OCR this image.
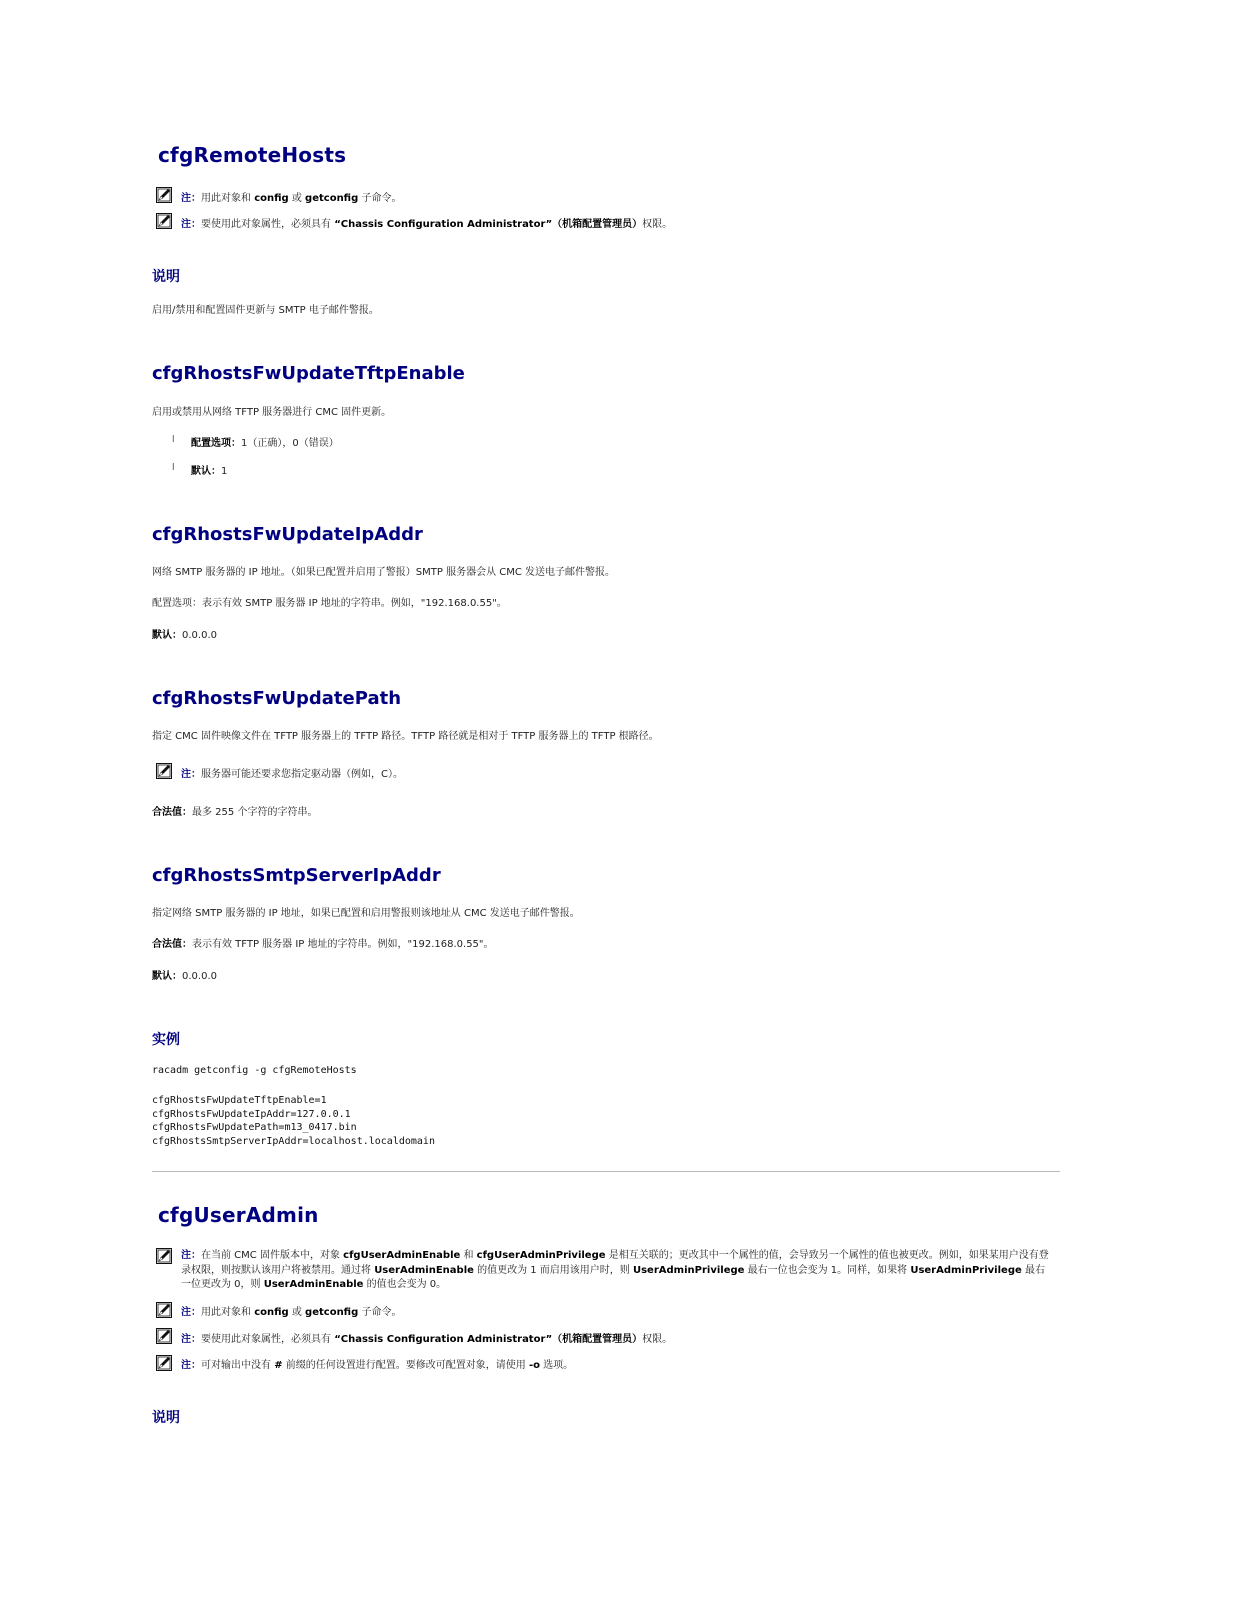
cfgRemoteHosts
注：用此对象和 config 或 getconfig 子命令。
注：要使用此对象属性，必须具有 “Chassis Configuration Administrator”（机箱配置管理员）权限。
说明
启用/禁用和配置固件更新与 SMTP 电子邮件警报。
cfgRhostsFwUpdateTftpEnable
启用或禁用从网络 TFTP 服务器进行 CMC 固件更新。
l 配置选项：1（正确），0（错误）
l 默认：1
cfgRhostsFwUpdateIpAddr
网络 SMTP 服务器的 IP 地址。（如果已配置并启用了警报）SMTP 服务器会从 CMC 发送电子邮件警报。
配置选项：表示有效 SMTP 服务器 IP 地址的字符串。例如，"192.168.0.55"。
默认：0.0.0.0
cfgRhostsFwUpdatePath
指定 CMC 固件映像文件在 TFTP 服务器上的 TFTP 路径。TFTP 路径就是相对于 TFTP 服务器上的 TFTP 根路径。
注：服务器可能还要求您指定驱动器（例如，C）。
合法值：最多 255 个字符的字符串。
cfgRhostsSmtpServerIpAddr
指定网络 SMTP 服务器的 IP 地址，如果已配置和启用警报则该地址从 CMC 发送电子邮件警报。
合法值：表示有效 TFTP 服务器 IP 地址的字符串。例如，"192.168.0.55"。
默认：0.0.0.0
实例
racadm getconfig -g cfgRemoteHosts
cfgRhostsFwUpdateTftpEnable=1
cfgRhostsFwUpdateIpAddr=127.0.0.1
cfgRhostsFwUpdatePath=m13_0417.bin
cfgRhostsSmtpServerIpAddr=localhost.localdomain
cfgUserAdmin
注：在当前 CMC 固件版本中，对象 cfgUserAdminEnable 和 cfgUserAdminPrivilege 是相互关联的；更改其中一个属性的值，会导致另一个属性的值也被更改。例如，如果某用户没有登录权限，则按默认该用户将被禁用。通过将 UserAdminEnable 的值更改为 1 而启用该用户时，则 UserAdminPrivilege 最右一位也会变为 1。同样，如果将 UserAdminPrivilege 最右一位更改为 0，则 UserAdminEnable 的值也会变为 0。
注：用此对象和 config 或 getconfig 子命令。
注：要使用此对象属性，必须具有 “Chassis Configuration Administrator”（机箱配置管理员）权限。
注：可对输出中没有 # 前缀的任何设置进行配置。要修改可配置对象，请使用 -o 选项。
说明
